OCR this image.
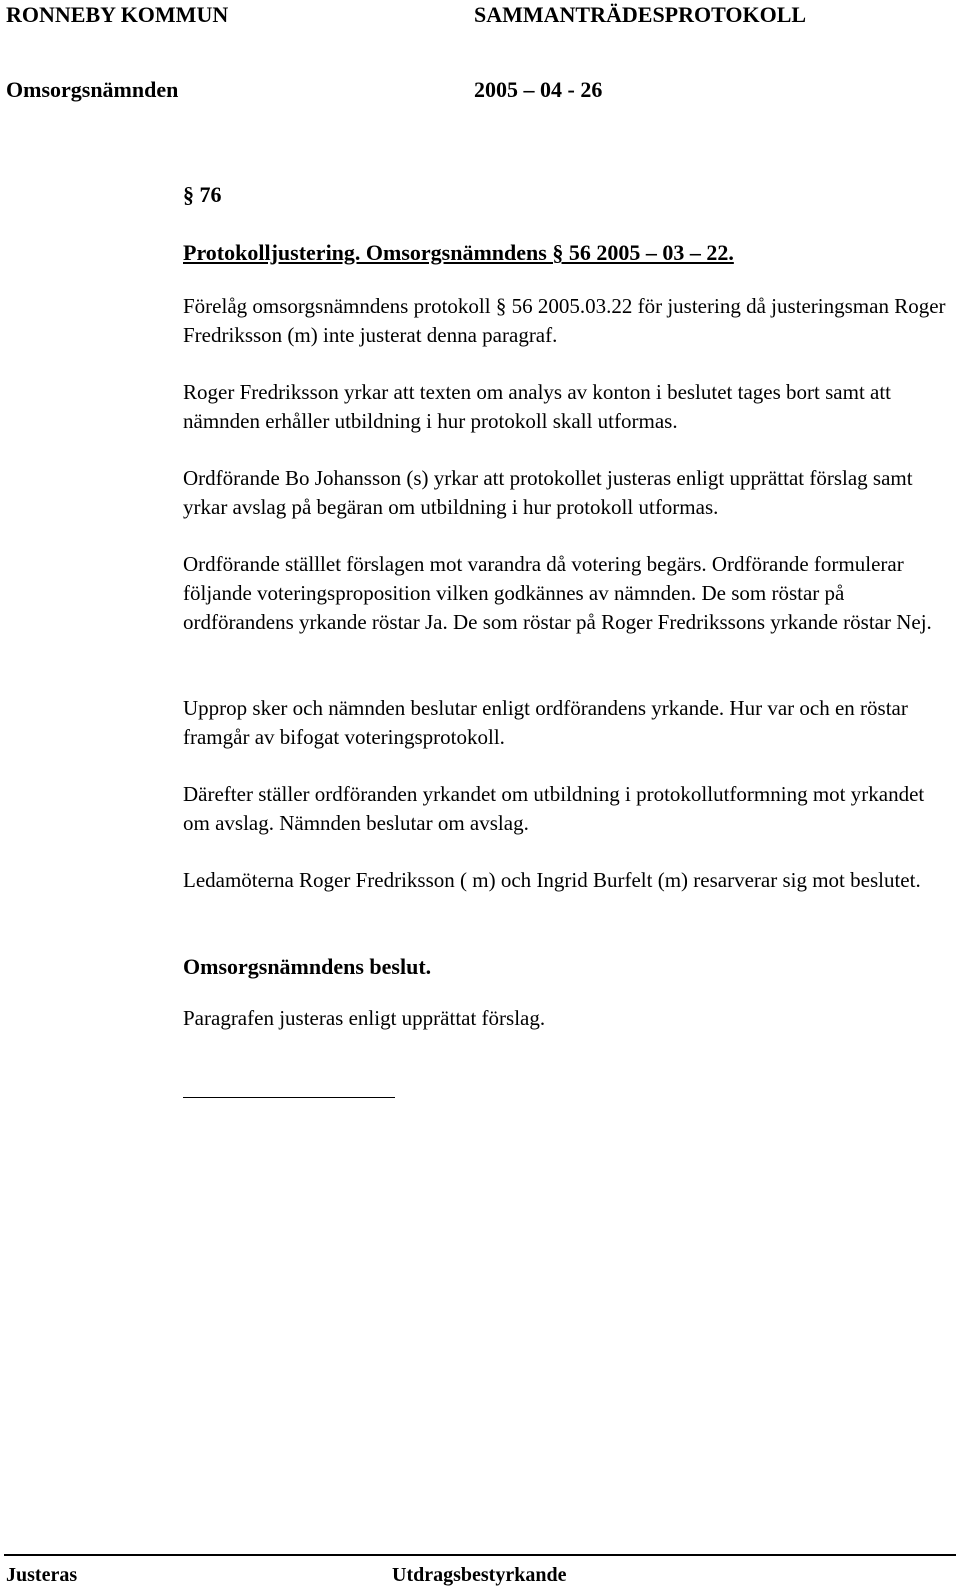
RONNEBY KOMMUN	SAMMANTRÄDESPROTOKOLL
Omsorgsnämnden	2005 – 04 - 26

§ 76

Protokolljustering. Omsorgsnämndens § 56 2005 – 03 – 22.

Förelåg omsorgsnämndens protokoll § 56 2005.03.22 för justering då justeringsman Roger Fredriksson (m) inte justerat denna paragraf.

Roger Fredriksson yrkar att texten om analys av konton i beslutet tages bort samt att nämnden erhåller utbildning i hur protokoll skall utformas.

Ordförande Bo Johansson (s) yrkar att protokollet justeras enligt upprättat förslag samt yrkar avslag på begäran om utbildning i hur protokoll utformas.

Ordförande ställlet förslagen mot varandra då votering begärs. Ordförande formulerar följande voteringsproposition vilken godkännes av nämnden. De som röstar på ordförandens yrkande röstar Ja. De som röstar på Roger Fredrikssons yrkande röstar Nej.

Upprop sker och nämnden beslutar enligt ordförandens yrkande. Hur var och en röstar framgår av bifogat voteringsprotokoll.

Därefter ställer ordföranden yrkandet om utbildning i protokollutformning mot yrkandet om avslag. Nämnden beslutar om avslag.

Ledamöterna Roger Fredriksson ( m) och Ingrid Burfelt (m) resarverar sig mot beslutet.

Omsorgsnämndens beslut.

Paragrafen justeras enligt upprättat förslag.

Justeras	Utdragsbestyrkande
